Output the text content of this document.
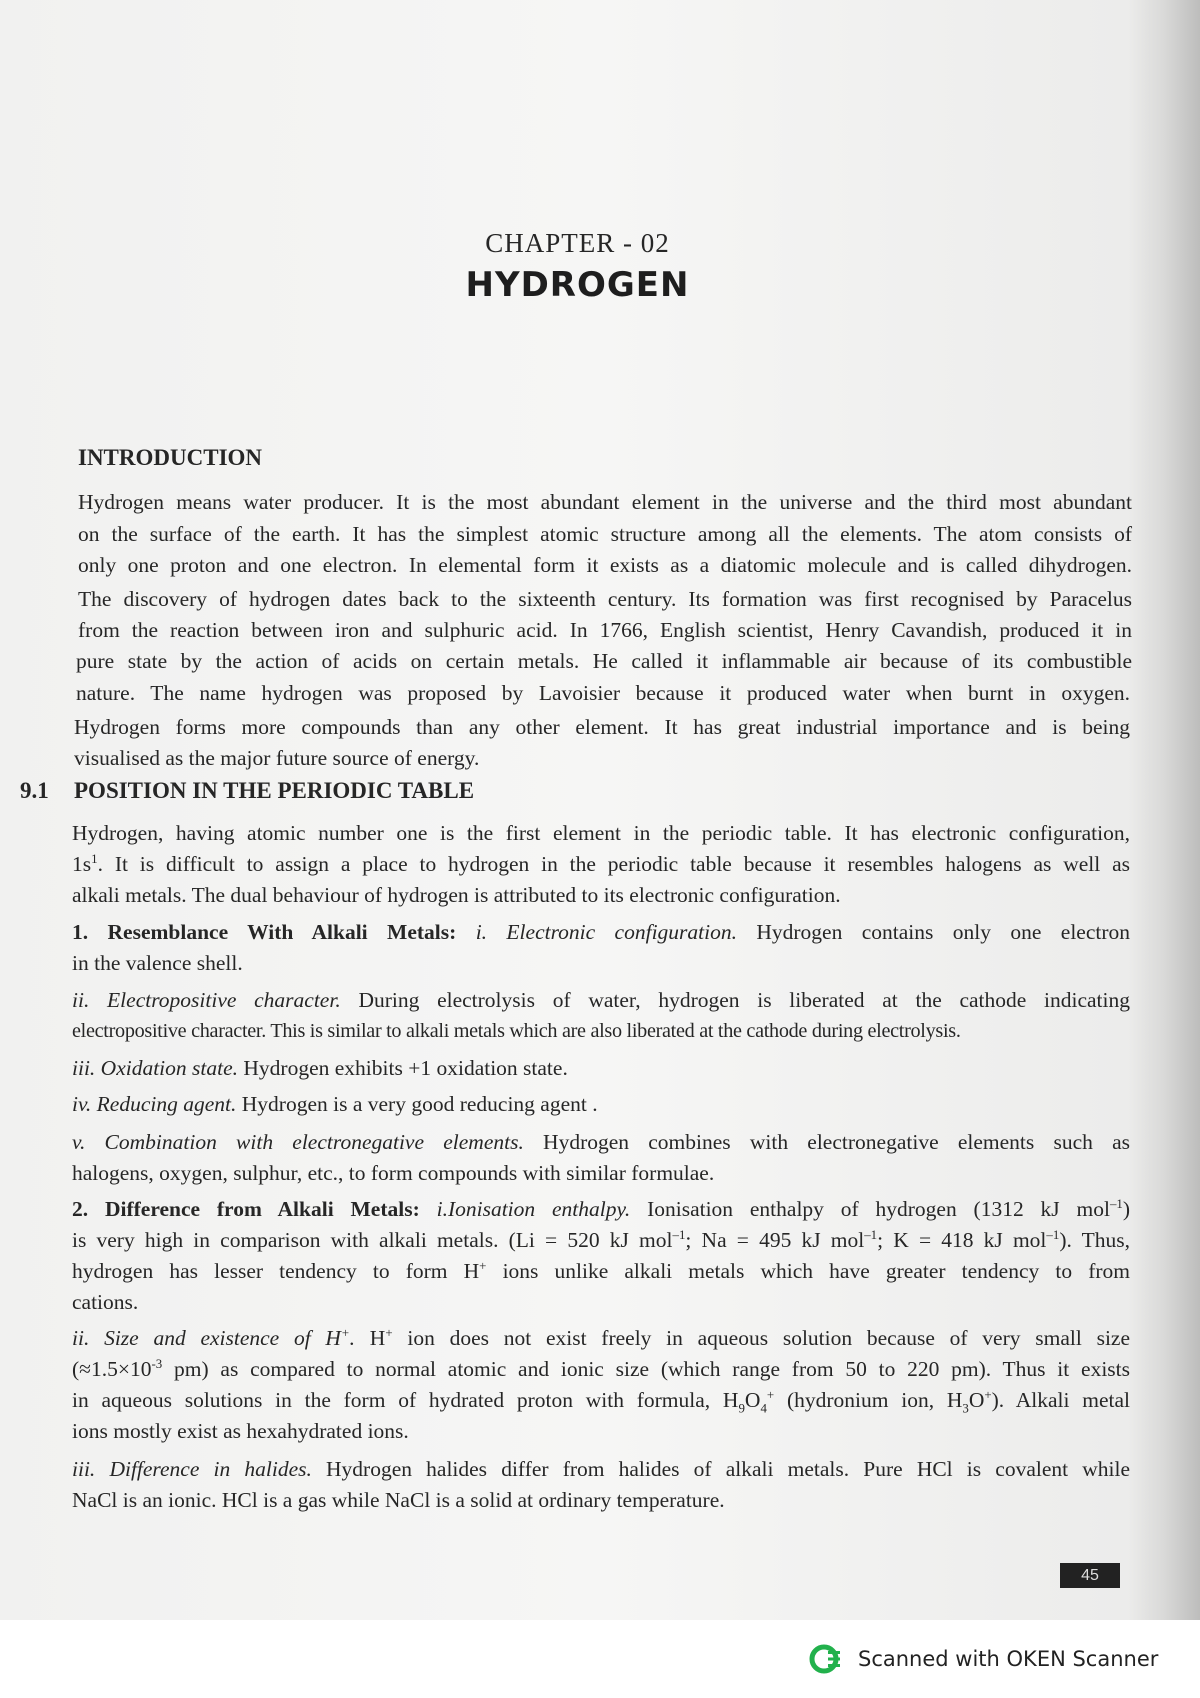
CHAPTER - 02
HYDROGEN
INTRODUCTION
Hydrogen means water producer. It is the most abundant element in the universe and the third most abundant
on the surface of the earth. It has the simplest atomic structure among all the elements. The atom consists of
only one proton and one electron. In elemental form it exists as a diatomic molecule and is called dihydrogen.
The discovery of hydrogen dates back to the sixteenth century. Its formation was first recognised by Paracelus
from the reaction between iron and sulphuric acid. In 1766, English scientist, Henry Cavandish, produced it in
pure state by the action of acids on certain metals. He called it inflammable air because of its combustible
nature. The name hydrogen was proposed by Lavoisier because it produced water when burnt in oxygen.
Hydrogen forms more compounds than any other element. It has great industrial importance and is being
visualised as the major future source of energy.
9.1 POSITION IN THE PERIODIC TABLE
Hydrogen, having atomic number one is the first element in the periodic table. It has electronic configuration,
$1s^1$. It is difficult to assign a place to hydrogen in the periodic table because it resembles halogens as well as
alkali metals. The dual behaviour of hydrogen is attributed to its electronic configuration.
1. Resemblance With Alkali Metals: i. Electronic configuration. Hydrogen contains only one electron
in the valence shell.
ii. Electropositive character. During electrolysis of water, hydrogen is liberated at the cathode indicating
electropositive character. This is similar to alkali metals which are also liberated at the cathode during electrolysis.
iii. Oxidation state. Hydrogen exhibits +1 oxidation state.
iv. Reducing agent. Hydrogen is a very good reducing agent .
v. Combination with electronegative elements. Hydrogen combines with electronegative elements such as
halogens, oxygen, sulphur, etc., to form compounds with similar formulae.
2. Difference from Alkali Metals: i.Ionisation enthalpy. Ionisation enthalpy of hydrogen (1312 kJ mol$^{-1}$)
is very high in comparison with alkali metals. (Li = 520 kJ mol$^{-1}$; Na = 495 kJ mol$^{-1}$; K = 418 kJ mol$^{-1}$). Thus,
hydrogen has lesser tendency to form H+ ions unlike alkali metals which have greater tendency to from
cations.
ii. Size and existence of H+. H+ ion does not exist freely in aqueous solution because of very small size
($\approx 1.5\times 10^{-3}$ pm) as compared to normal atomic and ionic size (which range from 50 to 220 pm). Thus it exists
in aqueous solutions in the form of hydrated proton with formula, $H_9O_4^+$ (hydronium ion, $H_3O^+$). Alkali metal
ions mostly exist as hexahydrated ions.
iii. Difference in halides. Hydrogen halides differ from halides of alkali metals. Pure HCl is covalent while
NaCl is an ionic. HCl is a gas while NaCl is a solid at ordinary temperature.
45
Scanned with OKEN Scanner
